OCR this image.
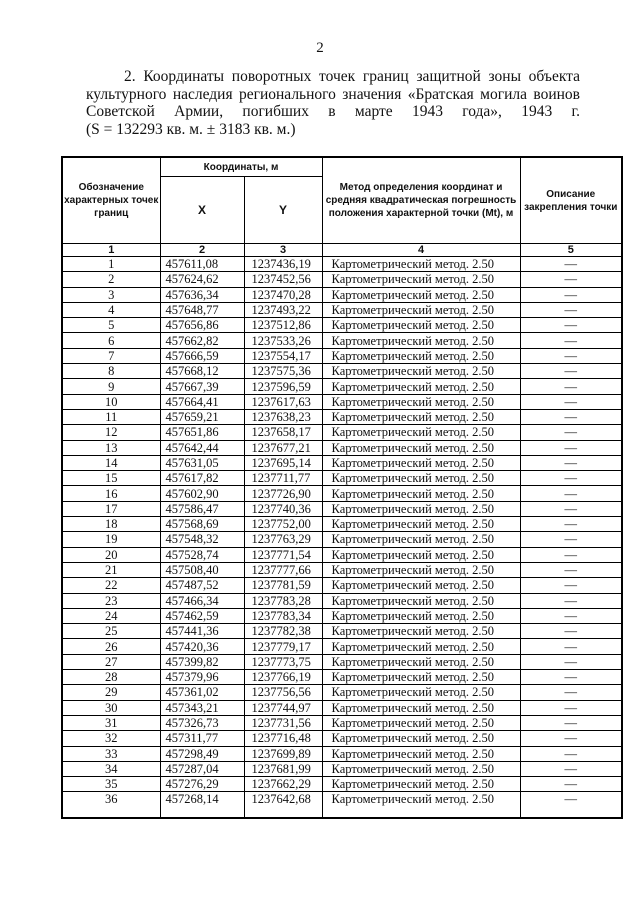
2

2. Координаты поворотных точек границ защитной зоны объекта

культурного наследия регионального значения «Братская могила воинов

Советской Армии, погибших в марте 1943 года», 1943 г.

(S = 132293 кв. м. ± 3183 кв. м.)

Обозначение характерных точек границ	Координаты, м		Метод определения координат и средняя квадратическая погрешность положения характерной точки (Mt), м	Описание закрепления точки
	X	Y		
1	2	3	4	5
1	457611,08	1237436,19	Картометрический метод. 2.50	—
2	457624,62	1237452,56	Картометрический метод. 2.50	—
3	457636,34	1237470,28	Картометрический метод. 2.50	—
4	457648,77	1237493,22	Картометрический метод. 2.50	—
5	457656,86	1237512,86	Картометрический метод. 2.50	—
6	457662,82	1237533,26	Картометрический метод. 2.50	—
7	457666,59	1237554,17	Картометрический метод. 2.50	—
8	457668,12	1237575,36	Картометрический метод. 2.50	—
9	457667,39	1237596,59	Картометрический метод. 2.50	—
10	457664,41	1237617,63	Картометрический метод. 2.50	—
11	457659,21	1237638,23	Картометрический метод. 2.50	—
12	457651,86	1237658,17	Картометрический метод. 2.50	—
13	457642,44	1237677,21	Картометрический метод. 2.50	—
14	457631,05	1237695,14	Картометрический метод. 2.50	—
15	457617,82	1237711,77	Картометрический метод. 2.50	—
16	457602,90	1237726,90	Картометрический метод. 2.50	—
17	457586,47	1237740,36	Картометрический метод. 2.50	—
18	457568,69	1237752,00	Картометрический метод. 2.50	—
19	457548,32	1237763,29	Картометрический метод. 2.50	—
20	457528,74	1237771,54	Картометрический метод. 2.50	—
21	457508,40	1237777,66	Картометрический метод. 2.50	—
22	457487,52	1237781,59	Картометрический метод. 2.50	—
23	457466,34	1237783,28	Картометрический метод. 2.50	—
24	457462,59	1237783,34	Картометрический метод. 2.50	—
25	457441,36	1237782,38	Картометрический метод. 2.50	—
26	457420,36	1237779,17	Картометрический метод. 2.50	—
27	457399,82	1237773,75	Картометрический метод. 2.50	—
28	457379,96	1237766,19	Картометрический метод. 2.50	—
29	457361,02	1237756,56	Картометрический метод. 2.50	—
30	457343,21	1237744,97	Картометрический метод. 2.50	—
31	457326,73	1237731,56	Картометрический метод. 2.50	—
32	457311,77	1237716,48	Картометрический метод. 2.50	—
33	457298,49	1237699,89	Картометрический метод. 2.50	—
34	457287,04	1237681,99	Картометрический метод. 2.50	—
35	457276,29	1237662,29	Картометрический метод. 2.50	—
36	457268,14	1237642,68	Картометрический метод. 2.50	—
